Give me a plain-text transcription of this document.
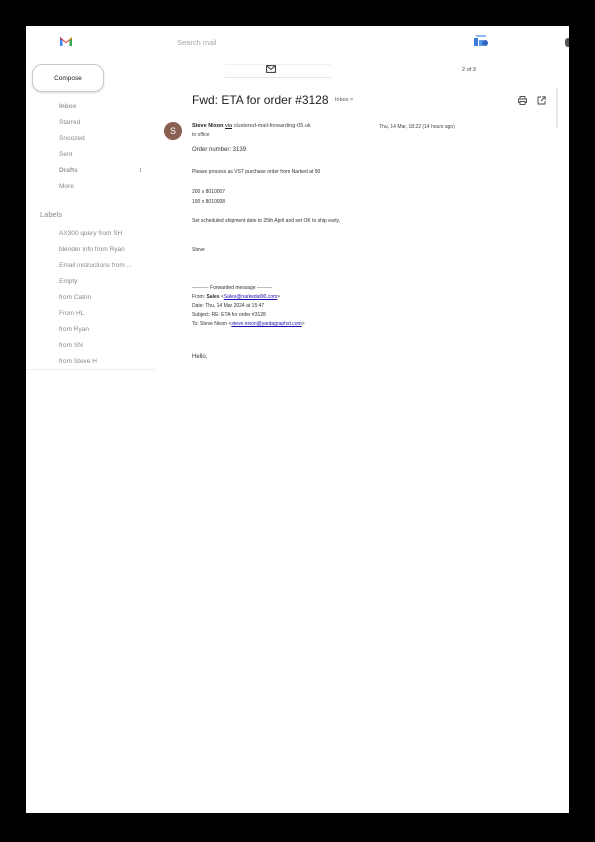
Search mail
Compose
Inbox
Starred
Snoozed
Sent
Drafts	1
More
Labels
AX300 query from SH
blender info from Ryan
Email instructions from ...
Empty
from Catrin
From HL
from Ryan
from SN
from Steve H
2 of 3
Fwd: ETA for order #3128 Inbox ×
S	Steve Nixon via clustered-mail-forwarding-05.uk
to office
Thu, 14 Mar, 18:22 (14 hours ago)
Order number: 3139
Please process as VST purchase order from Narked at 90
200 x 8010007
100 x 8010008
Set scheduled shipment date to 25th April and set OK to ship early.
Steve
---------- Forwarded message ---------
From: Sales <Sales@narkedat90.com>
Date: Thu, 14 Mar 2024 at 15:47
Subject: RE: ETA for order #3128
To: Steve Nixon <steve.nixon@yardagraphst.com>
Hello,
